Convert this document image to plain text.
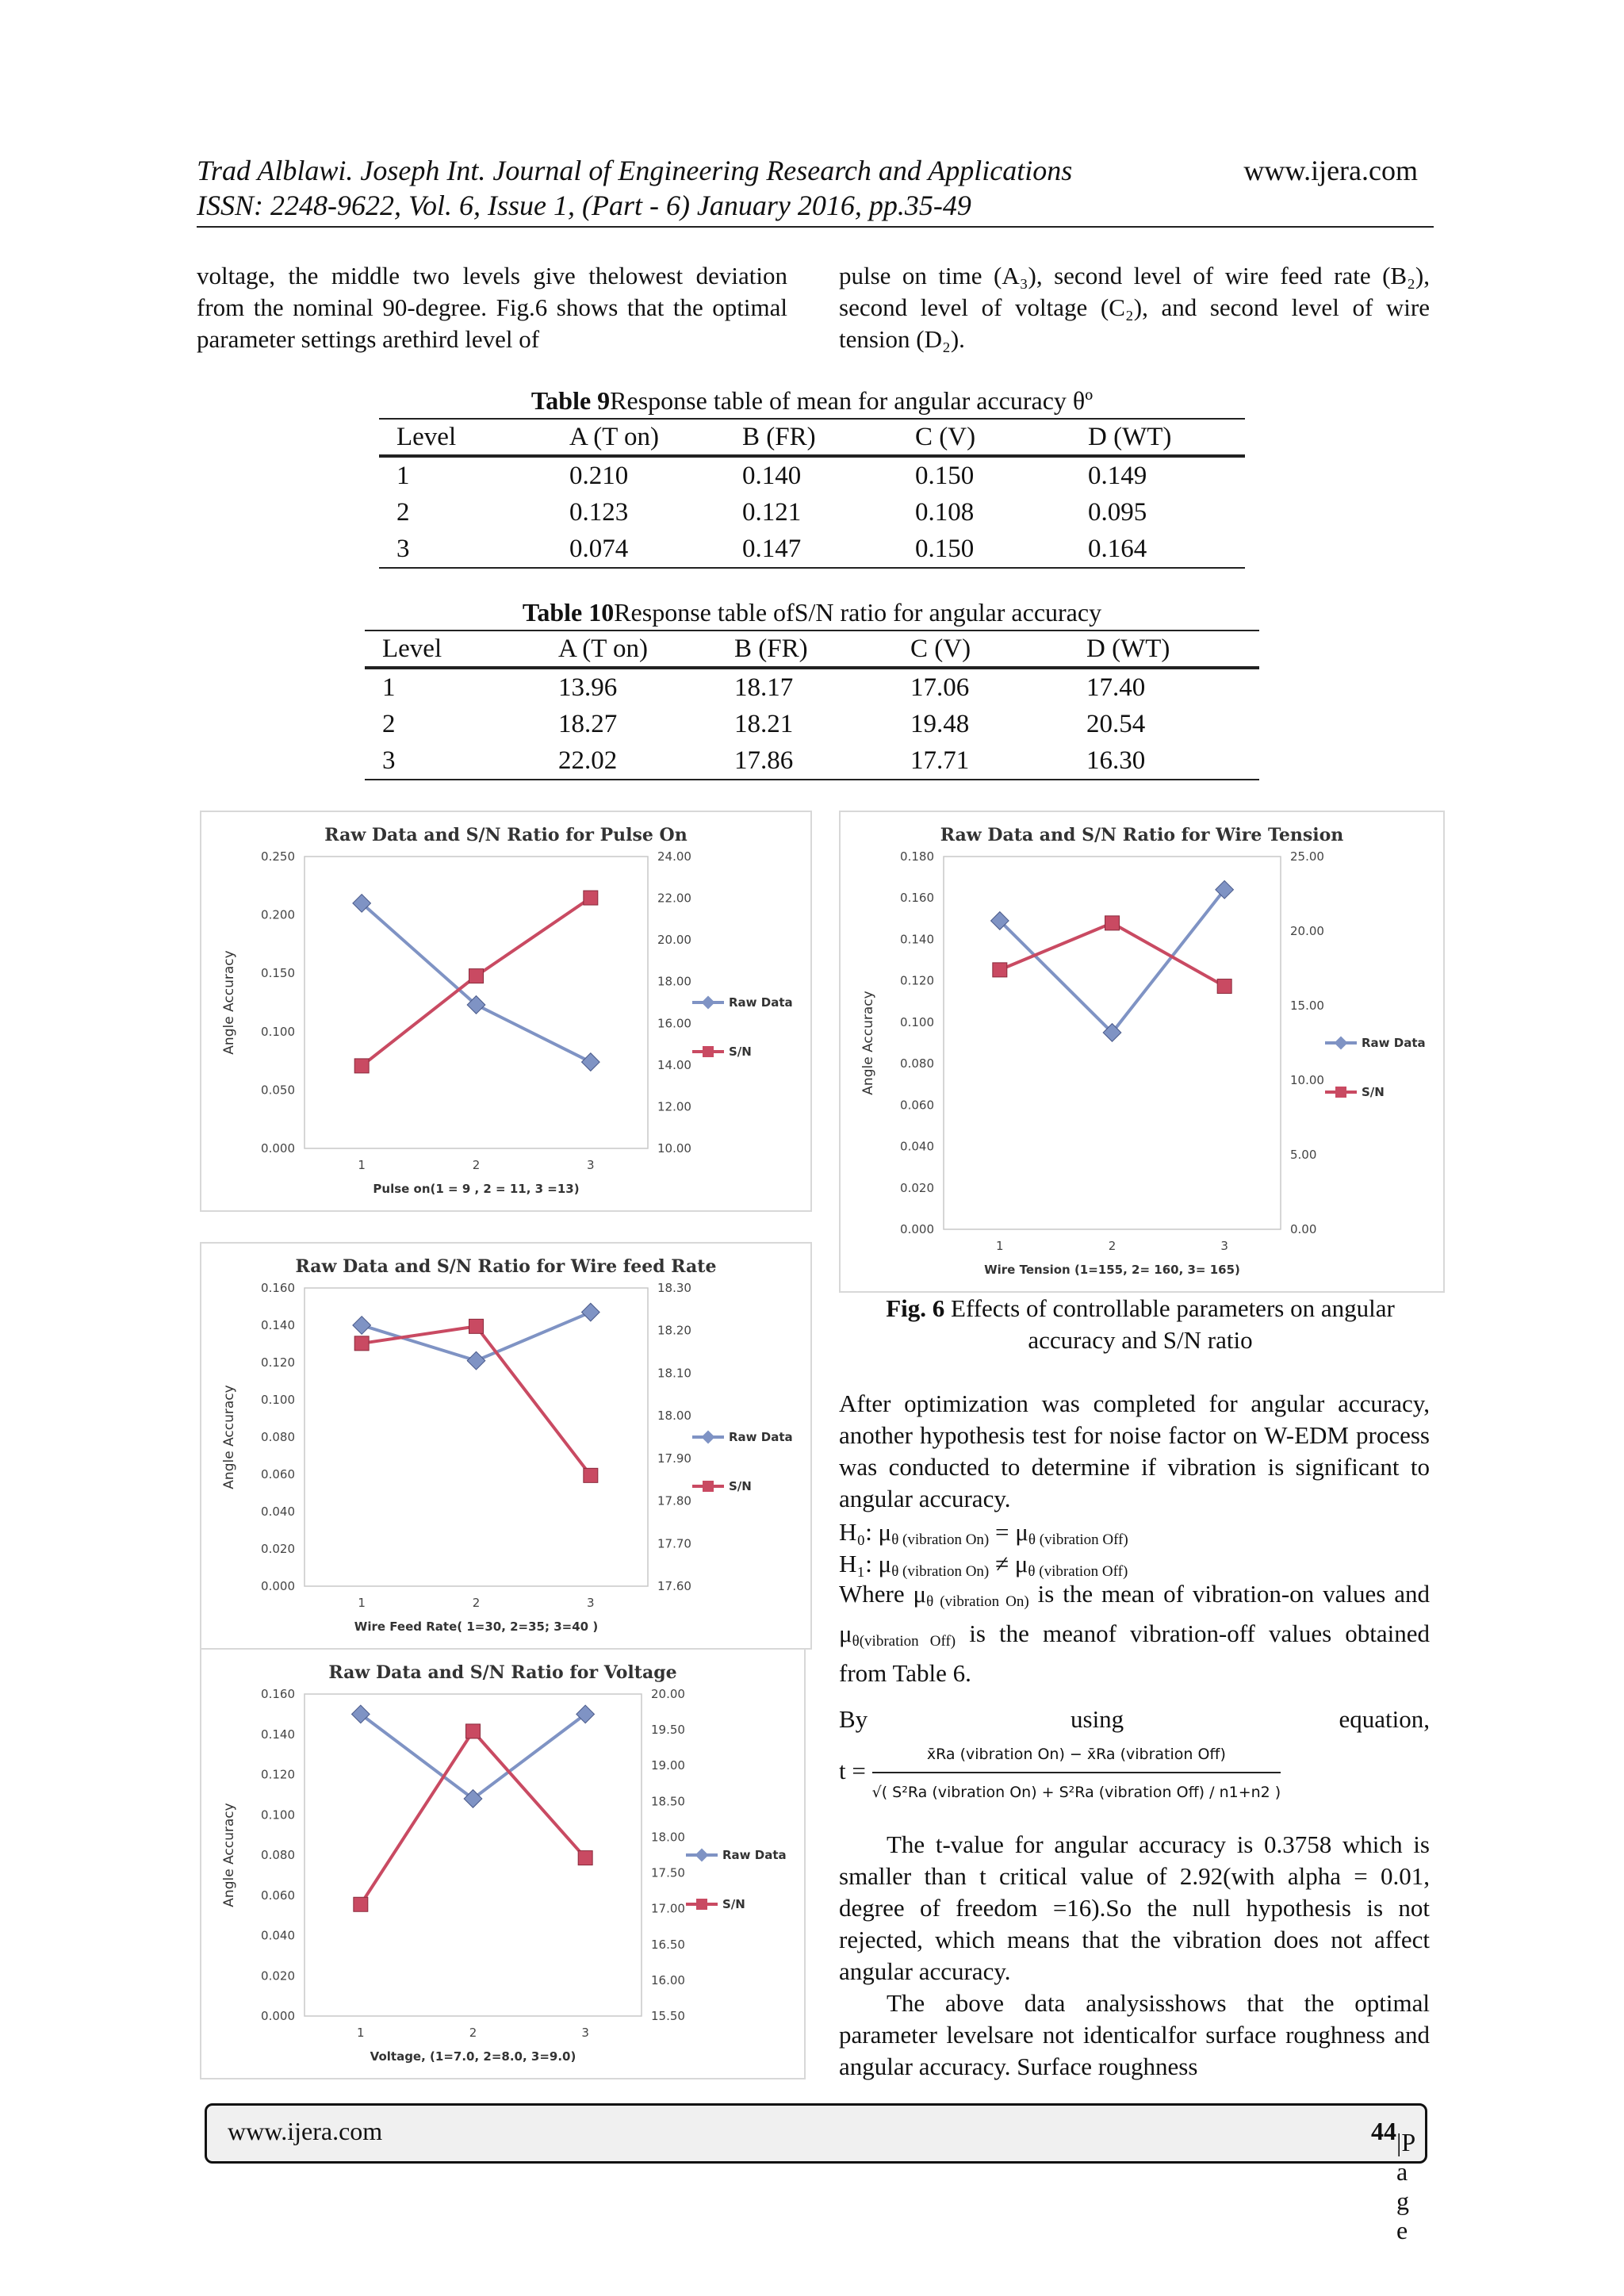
Trad Alblawi. Joseph Int. Journal of Engineering Research and Applications
ISSN: 2248-9622, Vol. 6, Issue 1, (Part - 6) January 2016, pp.35-49
www.ijera.com
voltage, the middle two levels give thelowest deviation from the nominal 90-degree. Fig.6 shows that the optimal parameter settings arethird level of
pulse on time (A₃), second level of wire feed rate (B₂), second level of voltage (C₂), and second level of wire tension (D₂).
Table 9Response table of mean for angular accuracy θº
Level	A (T on)	B (FR)	C (V)	D (WT)
1	0.210	0.140	0.150	0.149
2	0.123	0.121	0.108	0.095
3	0.074	0.147	0.150	0.164
Table 10Response table ofS/N ratio for angular accuracy
Level	A (T on)	B (FR)	C (V)	D (WT)
1	13.96	18.17	17.06	17.40
2	18.27	18.21	19.48	20.54
3	22.02	17.86	17.71	16.30
Raw Data and S/N Ratio for Pulse On
0.000
0.050
0.100
0.150
0.200
0.250
10.00
12.00
14.00
16.00
18.00
20.00
22.00
24.00
1	2	3
Pulse on(1 = 9 , 2 = 11, 3 =13)
Angle Accuracy	Raw Data
S/N
Raw Data and S/N Ratio for Wire Tension
0.000
0.020
0.040
0.060
0.080
0.100
0.120
0.140
0.160
0.180
0.00
5.00
10.00
15.00
20.00
25.00
1	2	3
Wire Tension (1=155, 2= 160, 3= 165)
Angle Accuracy	Raw Data
S/N
Raw Data and S/N Ratio for Wire feed Rate
0.000
0.020
0.040
0.060
0.080
0.100
0.120
0.140
0.160
17.60
17.70
17.80
17.90
18.00
18.10
18.20
18.30
1	2	3
Wire Feed Rate( 1=30, 2=35; 3=40 )
Angle Accuracy	Raw Data
S/N
Raw Data and S/N Ratio for Voltage
0.000
0.020
0.040
0.060
0.080
0.100
0.120
0.140
0.160
15.50
16.00
16.50
17.00
17.50
18.00
18.50
19.00
19.50
20.00
1	2	3
Voltage, (1=7.0, 2=8.0, 3=9.0)
Angle Accuracy	Raw Data
S/N
Fig. 6 Effects of controllable parameters on angular
accuracy and S/N ratio
After optimization was completed for angular accuracy, another hypothesis test for noise factor on W-EDM process was conducted to determine if vibration is significant to angular accuracy.
H₀: $\mu_{\theta (vibration On)} = \mu_{\theta (vibration Off)}$
H₁: $\mu_{\theta (vibration On)} \ne \mu_{\theta (vibration Off)}$
Where $\mu_{\theta (vibration On)}$ is the mean of vibration-on values and $\mu_{\theta(vibration Off)}$ is the meanof vibration-off values obtained from Table 6.
By	using	equation,
$t = \frac{\text{x̄Ra (vibration On) − x̄Ra (vibration Off)}}{\text{√( S²Ra (vibration On) + S²Ra (vibration Off) / n1+n2 )}}$

The t-value for angular accuracy is 0.3758 which is smaller than t critical value of 2.92(with alpha = 0.01, degree of freedom =16).So the null hypothesis is not rejected, which means that the vibration does not affect angular accuracy.

The above data analysisshows that the optimal parameter levelsare not identicalfor surface roughness and angular accuracy. Surface roughness

www.ijera.com	44 |P a g e
